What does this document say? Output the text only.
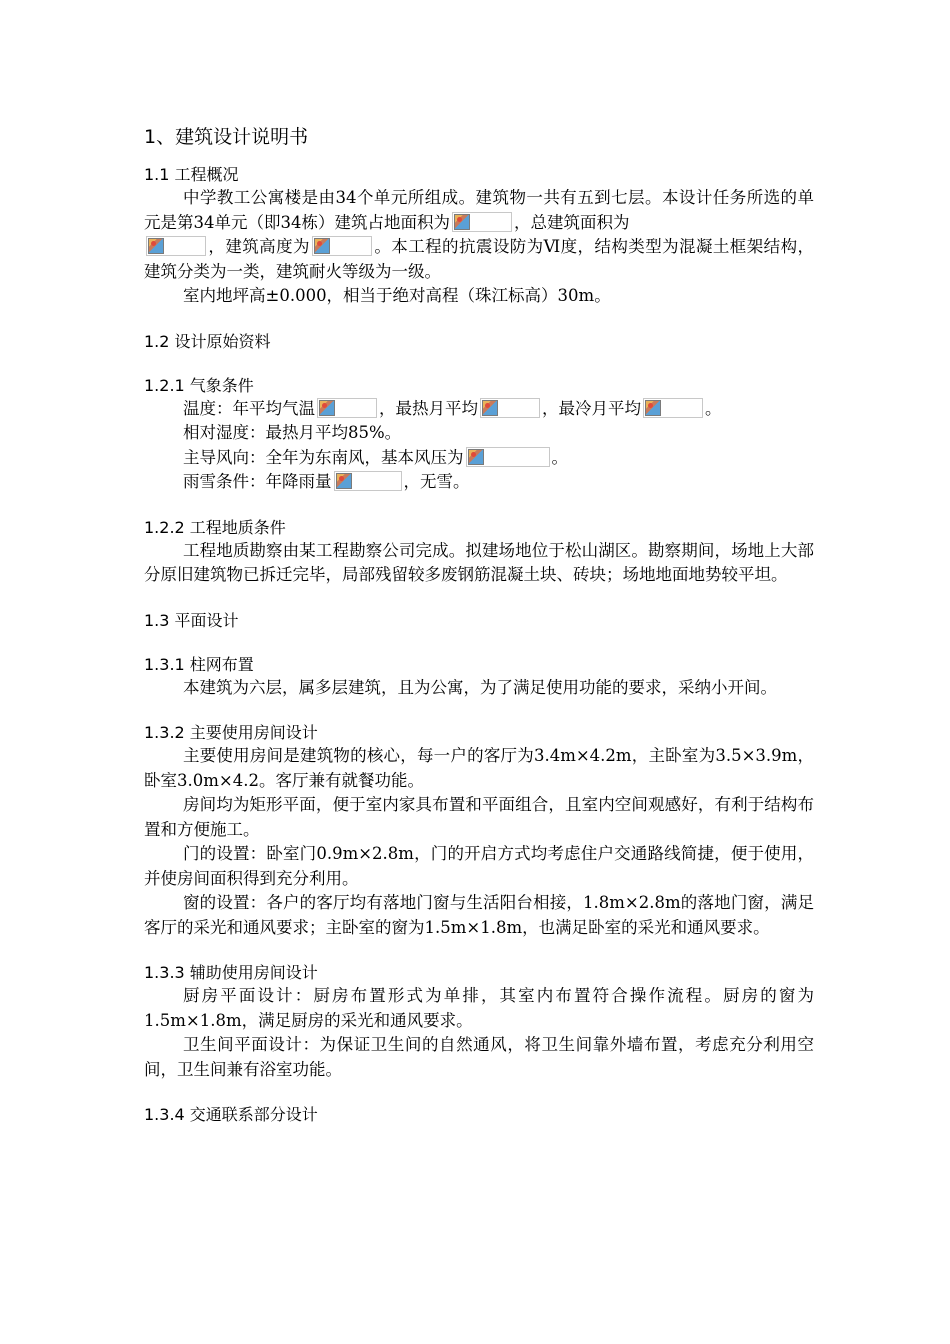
1、建筑设计说明书
1.1 工程概况

中学教工公寓楼是由34个单元所组成。建筑物一共有五到七层。本设计任务所选的单元是第34单元（即34栋）建筑占地面积为	，总建筑面积为

，建筑高度为	。本工程的抗震设防为Ⅵ度，结构类型为混凝土框架结构，建筑分类为一类，建筑耐火等级为一级。

室内地坪高±0.000，相当于绝对高程（珠江标高）30m。

1.2 设计原始资料
1.2.1 气象条件

温度：年平均气温	，最热月平均	，最冷月平均	。

相对湿度：最热月平均85%。

主导风向：全年为东南风，基本风压为	。

雨雪条件：年降雨量	，无雪。

1.2.2 工程地质条件

工程地质勘察由某工程勘察公司完成。拟建场地位于松山湖区。勘察期间，场地上大部分原旧建筑物已拆迁完毕，局部残留较多废钢筋混凝土块、砖块；场地地面地势较平坦。

1.3 平面设计
1.3.1 柱网布置

本建筑为六层，属多层建筑，且为公寓，为了满足使用功能的要求，采纳小开间。

1.3.2 主要使用房间设计

主要使用房间是建筑物的核心，每一户的客厅为3.4m×4.2m，主卧室为3.5×3.9m，卧室3.0m×4.2。客厅兼有就餐功能。

房间均为矩形平面，便于室内家具布置和平面组合，且室内空间观感好，有利于结构布置和方便施工。

门的设置：卧室门0.9m×2.8m，门的开启方式均考虑住户交通路线简捷，便于使用，并使房间面积得到充分利用。

窗的设置：各户的客厅均有落地门窗与生活阳台相接，1.8m×2.8m的落地门窗，满足客厅的采光和通风要求；主卧室的窗为1.5m×1.8m，也满足卧室的采光和通风要求。

1.3.3 辅助使用房间设计

厨房平面设计：厨房布置形式为单排，其室内布置符合操作流程。厨房的窗为1.5m×1.8m，满足厨房的采光和通风要求。

卫生间平面设计：为保证卫生间的自然通风，将卫生间靠外墙布置，考虑充分利用空间，卫生间兼有浴室功能。

1.3.4 交通联系部分设计
